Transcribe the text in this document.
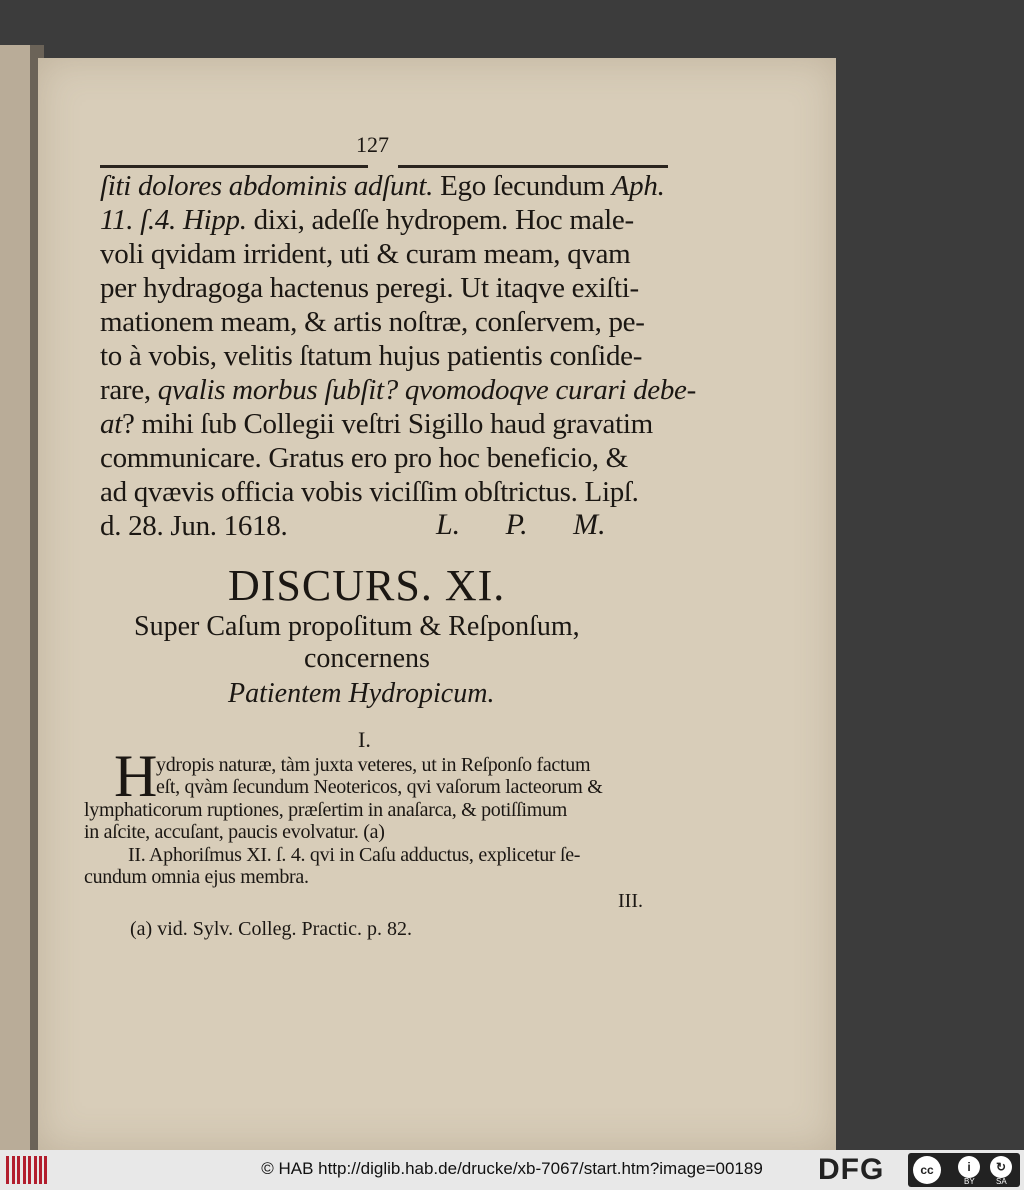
127
ſiti dolores abdominis adſunt. Ego ſecundum Aph.
11. ſ.4. Hipp. dixi, adeſſe hydropem. Hoc male-
voli qvidam irrident, uti & curam meam, qvam
per hydragoga hactenus peregi. Ut itaqve exiſti-
mationem meam, & artis noſtræ, conſervem, pe-
to à vobis, velitis ſtatum hujus patientis conſide-
rare, qvalis morbus ſubſit? qvomodoqve curari debe-
at? mihi ſub Collegii veſtri Sigillo haud gravatim
communicare. Gratus ero pro hoc beneficio, &
ad qvævis officia vobis viciſſim obſtrictus. Lipſ.
d. 28. Jun. 1618.	L. P. M.
DISCURS. XI.
Super Caſum propoſitum & Reſponſum,
concernens
Patientem Hydropicum.
I.
H
ydropis naturæ, tàm juxta veteres, ut in Reſponſo factum
eſt, qvàm ſecundum Neotericos, qvi vaſorum lacteorum &
lymphaticorum ruptiones, præſertim in anaſarca, & potiſſimum
in aſcite, accuſant, paucis evolvatur. (a)
II. Aphoriſmus XI. ſ. 4. qvi in Caſu adductus, explicetur ſe-
cundum omnia ejus membra.
III.
(a) vid. Sylv. Colleg. Practic. p. 82.
© HAB http://diglib.hab.de/drucke/xb-7067/start.htm?image=00189	DFG	cc	i	↻
BY	SA
